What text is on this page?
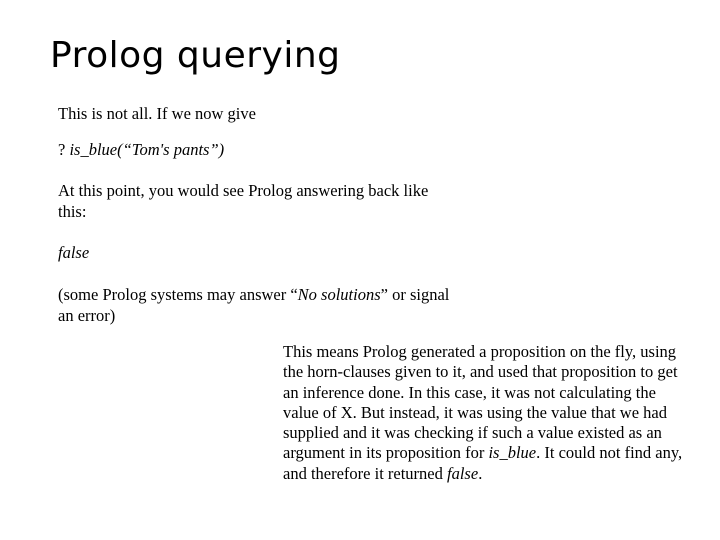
Prolog querying

This is not all. If we now give

? is_blue(“Tom's pants”)

At this point, you would see Prolog answering back like this:

false

(some Prolog systems may answer “No solutions” or signal an error)

This means Prolog generated a proposition on the fly, using the horn-clauses given to it, and used that proposition to get an inference done. In this case, it was not calculating the value of X. But instead, it was using the value that we had supplied and it was checking if such a value existed as an argument in its proposition for is_blue. It could not find any, and therefore it returned false.
